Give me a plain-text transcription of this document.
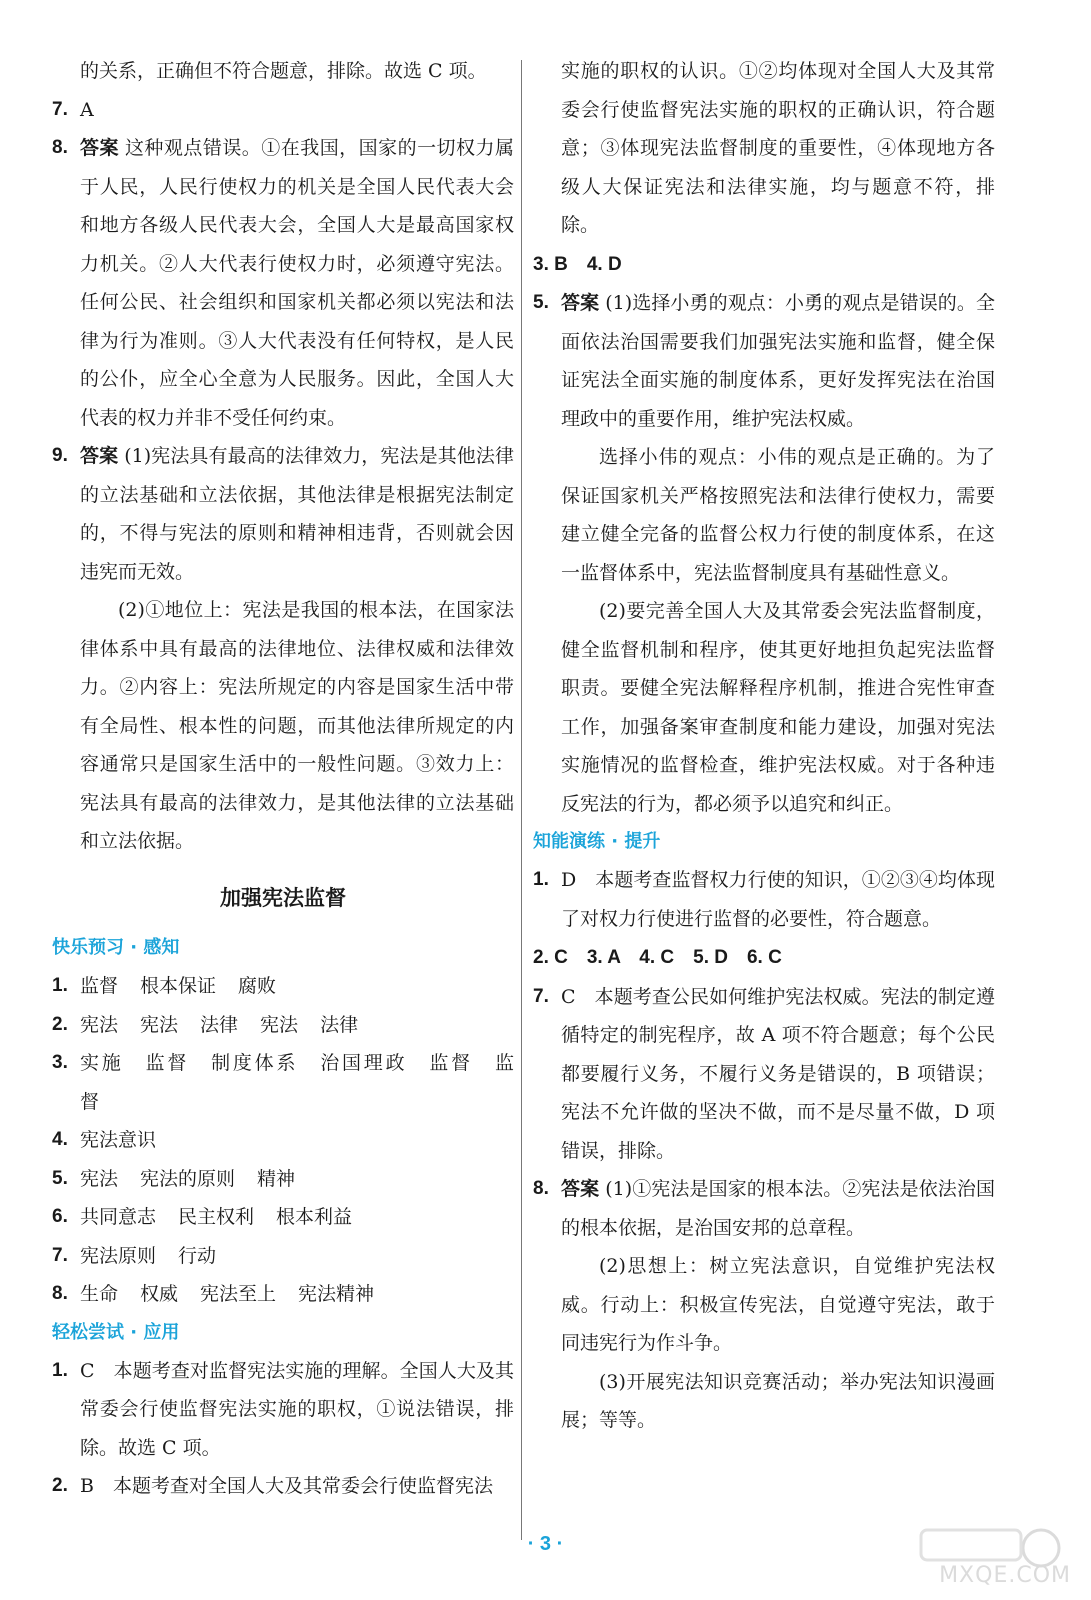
的关系，正确但不符合题意，排除。故选 C 项。
7. A
8. 答案 这种观点错误。①在我国，国家的一切权力属于人民，人民行使权力的机关是全国人民代表大会和地方各级人民代表大会，全国人大是最高国家权力机关。②人大代表行使权力时，必须遵守宪法。任何公民、社会组织和国家机关都必须以宪法和法律为行为准则。③人大代表没有任何特权，是人民的公仆，应全心全意为人民服务。因此，全国人大代表的权力并非不受任何约束。
9. 答案 (1)宪法具有最高的法律效力，宪法是其他法律的立法基础和立法依据，其他法律是根据宪法制定的，不得与宪法的原则和精神相违背，否则就会因违宪而无效。
(2)①地位上：宪法是我国的根本法，在国家法律体系中具有最高的法律地位、法律权威和法律效力。②内容上：宪法所规定的内容是国家生活中带有全局性、根本性的问题，而其他法律所规定的内容通常只是国家生活中的一般性问题。③效力上：宪法具有最高的法律效力，是其他法律的立法基础和立法依据。
加强宪法监督
快乐预习 · 感知
1. 监督 根本保证 腐败
2. 宪法 宪法 法律 宪法 法律
3. 实施 监督 制度体系 治国理政 监督 监督
4. 宪法意识
5. 宪法 宪法的原则 精神
6. 共同意志 民主权利 根本利益
7. 宪法原则 行动
8. 生命 权威 宪法至上 宪法精神
轻松尝试 · 应用
1. C　本题考查对监督宪法实施的理解。全国人大及其常委会行使监督宪法实施的职权，①说法错误，排除。故选 C 项。
2. B　本题考查对全国人大及其常委会行使监督宪法
实施的职权的认识。①②均体现对全国人大及其常委会行使监督宪法实施的职权的正确认识，符合题意；③体现宪法监督制度的重要性，④体现地方各级人大保证宪法和法律实施，均与题意不符，排除。
3. B　4. D
5. 答案 (1)选择小勇的观点：小勇的观点是错误的。全面依法治国需要我们加强宪法实施和监督，健全保证宪法全面实施的制度体系，更好发挥宪法在治国理政中的重要作用，维护宪法权威。
选择小伟的观点：小伟的观点是正确的。为了保证国家机关严格按照宪法和法律行使权力，需要建立健全完备的监督公权力行使的制度体系，在这一监督体系中，宪法监督制度具有基础性意义。
(2)要完善全国人大及其常委会宪法监督制度，健全监督机制和程序，使其更好地担负起宪法监督职责。要健全宪法解释程序机制，推进合宪性审查工作，加强备案审查制度和能力建设，加强对宪法实施情况的监督检查，维护宪法权威。对于各种违反宪法的行为，都必须予以追究和纠正。
知能演练 · 提升
1. D　本题考查监督权力行使的知识，①②③④均体现了对权力行使进行监督的必要性，符合题意。
2. C　3. A　4. C　5. D　6. C
7. C　本题考查公民如何维护宪法权威。宪法的制定遵循特定的制宪程序，故 A 项不符合题意；每个公民都要履行义务，不履行义务是错误的，B 项错误；宪法不允许做的坚决不做，而不是尽量不做，D 项错误，排除。
8. 答案 (1)①宪法是国家的根本法。②宪法是依法治国的根本依据，是治国安邦的总章程。
(2)思想上：树立宪法意识，自觉维护宪法权威。行动上：积极宣传宪法，自觉遵守宪法，敢于同违宪行为作斗争。
(3)开展宪法知识竞赛活动；举办宪法知识漫画展；等等。
· 3 ·
MXQE.COM
